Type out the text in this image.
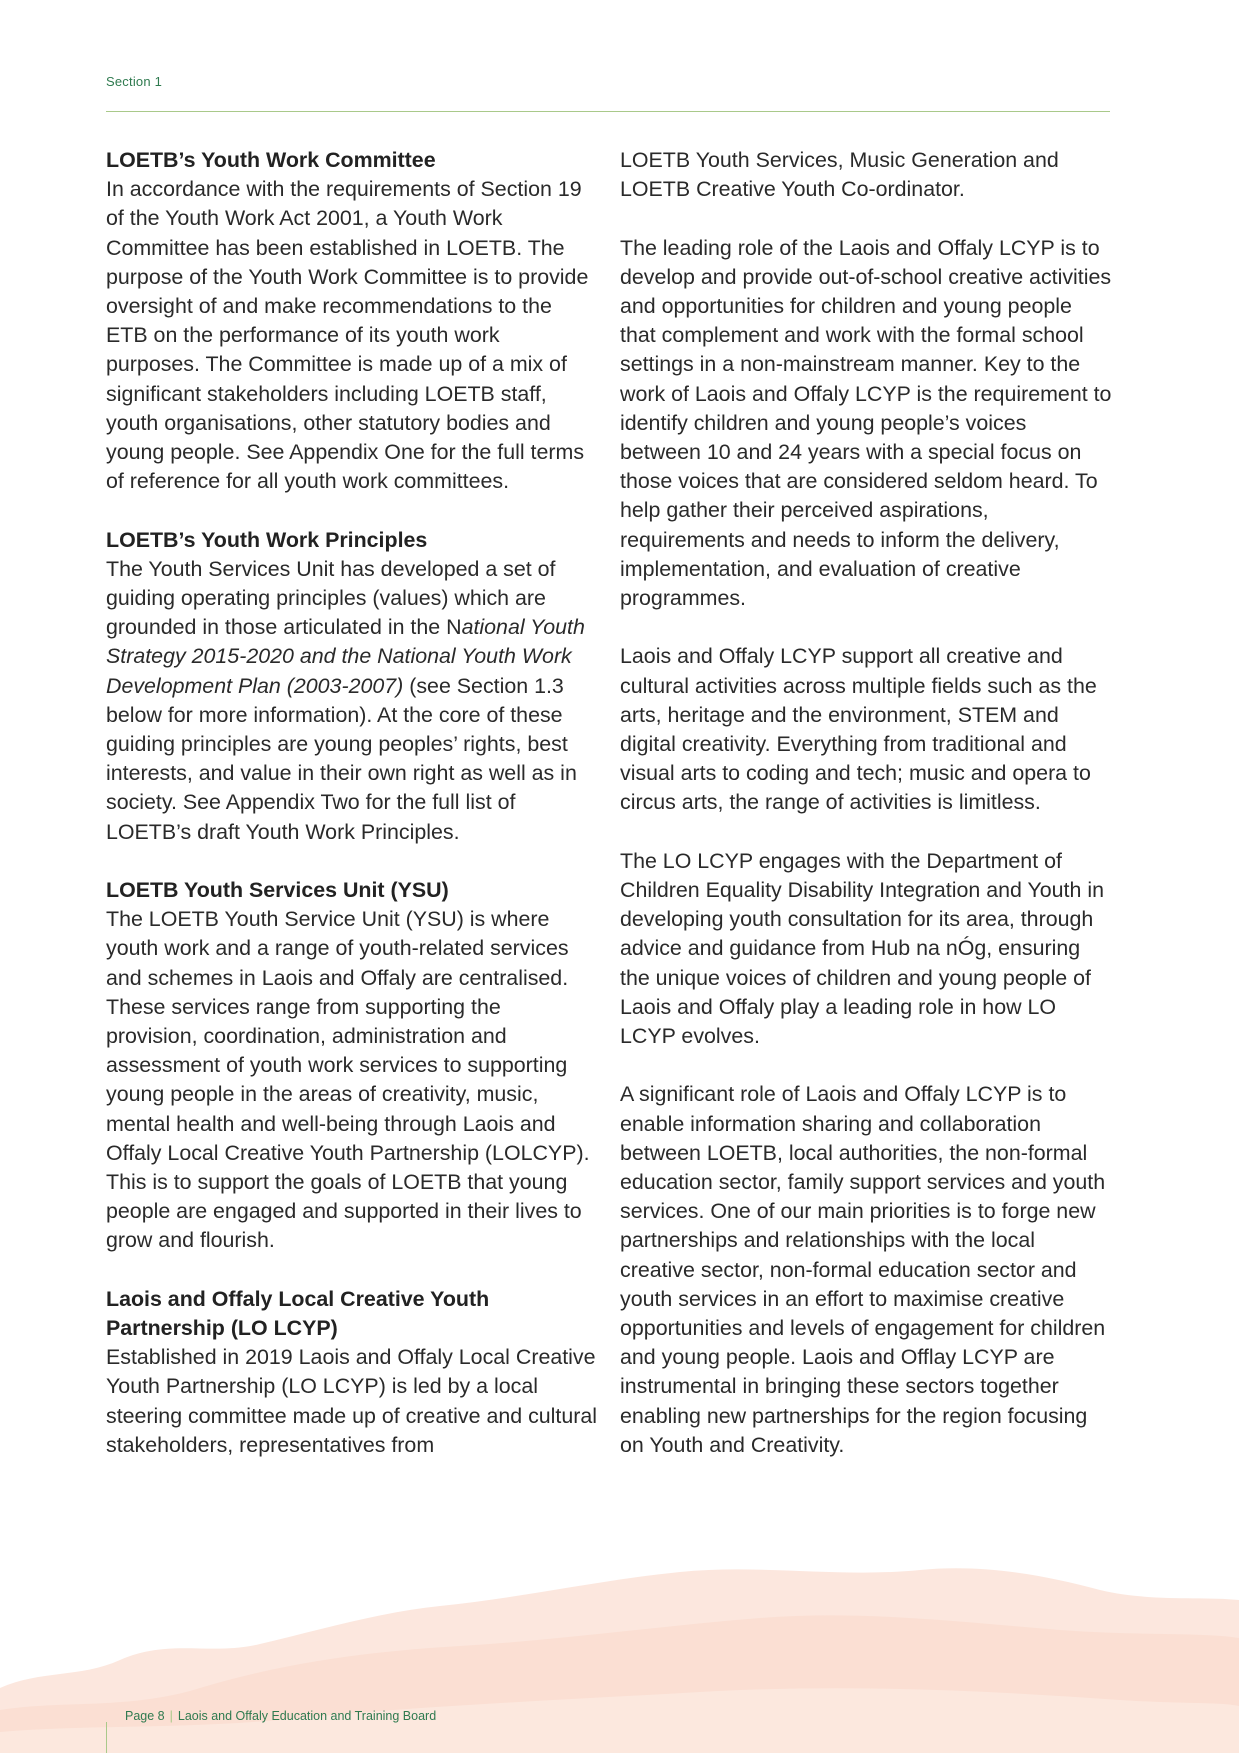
Section 1
LOETB’s Youth Work Committee

In accordance with the requirements of Section 19 of the Youth Work Act 2001, a Youth Work Committee has been established in LOETB. The purpose of the Youth Work Committee is to provide oversight of and make recommendations to the ETB on the performance of its youth work purposes. The Committee is made up of a mix of significant stakeholders including LOETB staff, youth organisations, other statutory bodies and young people. See Appendix One for the full terms of reference for all youth work committees.

LOETB’s Youth Work Principles

The Youth Services Unit has developed a set of guiding operating principles (values) which are grounded in those articulated in the National Youth Strategy 2015-2020 and the National Youth Work Development Plan (2003-2007) (see Section 1.3 below for more information). At the core of these guiding principles are young peoples’ rights, best interests, and value in their own right as well as in society. See Appendix Two for the full list of LOETB’s draft Youth Work Principles.

LOETB Youth Services Unit (YSU)

The LOETB Youth Service Unit (YSU) is where youth work and a range of youth-related services and schemes in Laois and Offaly are centralised. These services range from supporting the provision, coordination, administration and assessment of youth work services to supporting young people in the areas of creativity, music, mental health and well-being through Laois and Offaly Local Creative Youth Partnership (LOLCYP). This is to support the goals of LOETB that young people are engaged and supported in their lives to grow and flourish.

Laois and Offaly Local Creative Youth Partnership (LO LCYP)

Established in 2019 Laois and Offaly Local Creative Youth Partnership (LO LCYP) is led by a local steering committee made up of creative and cultural stakeholders, representatives from

LOETB Youth Services, Music Generation and LOETB Creative Youth Co-ordinator.

The leading role of the Laois and Offaly LCYP is to develop and provide out-of-school creative activities and opportunities for children and young people that complement and work with the formal school settings in a non-mainstream manner. Key to the work of Laois and Offaly LCYP is the requirement to identify children and young people’s voices between 10 and 24 years with a special focus on those voices that are considered seldom heard. To help gather their perceived aspirations, requirements and needs to inform the delivery, implementation, and evaluation of creative programmes.

Laois and Offaly LCYP support all creative and cultural activities across multiple fields such as the arts, heritage and the environment, STEM and digital creativity. Everything from traditional and visual arts to coding and tech; music and opera to circus arts, the range of activities is limitless.

The LO LCYP engages with the Department of Children Equality Disability Integration and Youth in developing youth consultation for its area, through advice and guidance from Hub na nÓg, ensuring the unique voices of children and young people of Laois and Offaly play a leading role in how LO LCYP evolves.

A significant role of Laois and Offaly LCYP is to enable information sharing and collaboration between LOETB, local authorities, the non-formal education sector, family support services and youth services. One of our main priorities is to forge new partnerships and relationships with the local creative sector, non-formal education sector and youth services in an effort to maximise creative opportunities and levels of engagement for children and young people. Laois and Offlay LCYP are instrumental in bringing these sectors together enabling new partnerships for the region focusing on Youth and Creativity.

Page 8 | Laois and Offaly Education and Training Board
